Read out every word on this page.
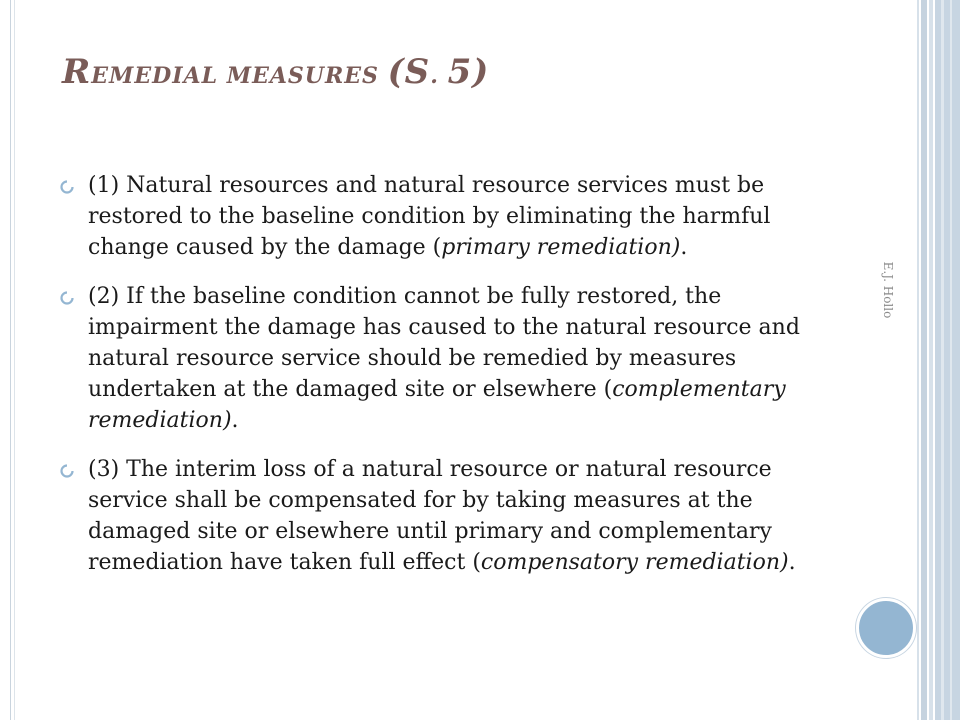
E.J. Hollo
REMEDIAL MEASURES (S. 5)
(1) Natural resources and natural resource services must be restored to the baseline condition by eliminating the harmful change caused by the damage (primary remediation).
(2) If the baseline condition cannot be fully restored, the impairment the damage has caused to the natural resource and natural resource service should be remedied by measures undertaken at the damaged site or elsewhere (complementary remediation).
(3) The interim loss of a natural resource or natural resource service shall be compensated for by taking measures at the damaged site or elsewhere until primary and complementary remediation have taken full effect (compensatory remediation).
